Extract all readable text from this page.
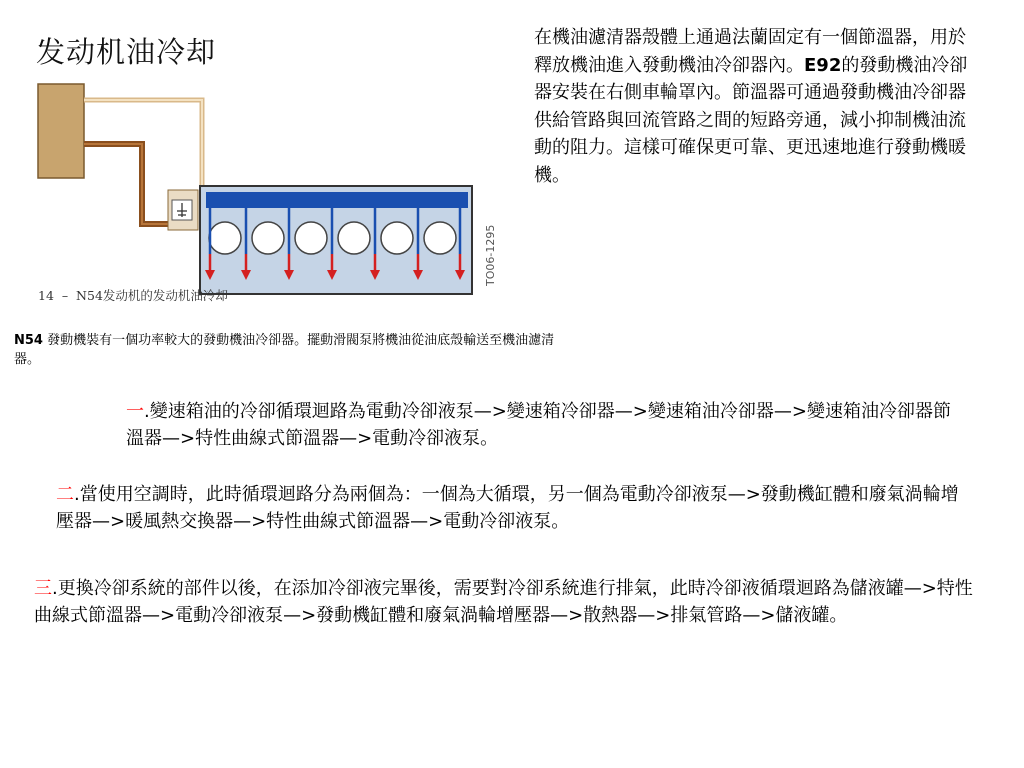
发动机油冷却
TO06-1295
14  –  N54发动机的发动机油冷却
在機油濾清器殼體上通過法蘭固定有一個節溫器，用於釋放機油進入發動機油冷卻器內。E92的發動機油冷卻器安裝在右側車輪罩內。節溫器可通過發動機油冷卻器供給管路與回流管路之間的短路旁通，減小抑制機油流動的阻力。這樣可確保更可靠、更迅速地進行發動機暖機。
N54 發動機裝有一個功率較大的發動機油冷卻器。擺動滑閥泵將機油從油底殼輸送至機油濾清器。
一.變速箱油的冷卻循環迴路為電動冷卻液泵—>變速箱冷卻器—>變速箱油冷卻器—>變速箱油冷卻器節溫器—>特性曲線式節溫器—>電動冷卻液泵。
二.當使用空調時，此時循環迴路分為兩個為：一個為大循環，另一個為電動冷卻液泵—>發動機缸體和廢氣渦輪增壓器—>暖風熱交換器—>特性曲線式節溫器—>電動冷卻液泵。
三.更換冷卻系統的部件以後，在添加冷卻液完畢後，需要對冷卻系統進行排氣，此時冷卻液循環迴路為儲液罐—>特性曲線式節溫器—>電動冷卻液泵—>發動機缸體和廢氣渦輪增壓器—>散熱器—>排氣管路—>儲液罐。
